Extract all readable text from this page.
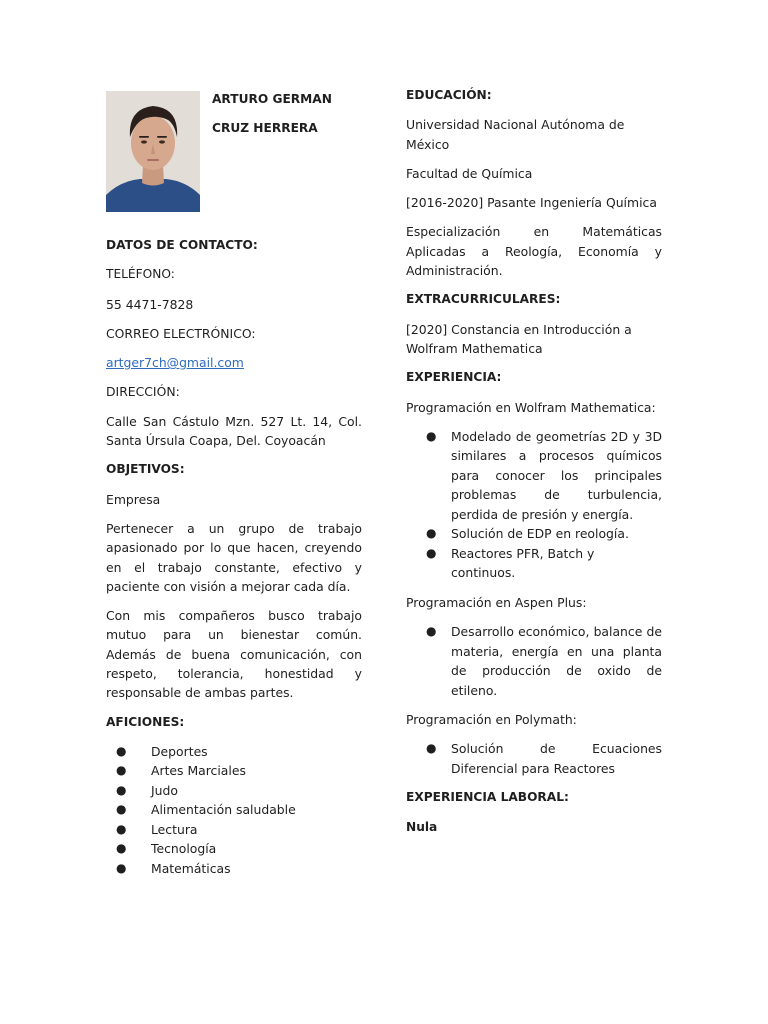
ARTURO GERMAN
CRUZ HERRERA
DATOS DE CONTACTO:
TELÉFONO:
55 4471-7828
CORREO ELECTRÓNICO:
artger7ch@gmail.com
DIRECCIÓN:
Calle San Cástulo Mzn. 527 Lt. 14, Col. Santa Úrsula Coapa, Del. Coyoacán
OBJETIVOS:
Empresa
Pertenecer a un grupo de trabajo apasionado por lo que hacen, creyendo en el trabajo constante, efectivo y paciente con visión a mejorar cada día.
Con mis compañeros busco trabajo mutuo para un bienestar común. Además de buena comunicación, con respeto, tolerancia, honestidad y responsable de ambas partes.
AFICIONES:
● Deportes
● Artes Marciales
● Judo
● Alimentación saludable
● Lectura
● Tecnología
● Matemáticas
EDUCACIÓN:
Universidad Nacional Autónoma de México
Facultad de Química
[2016-2020] Pasante Ingeniería Química
Especialización en Matemáticas Aplicadas a Reología, Economía y Administración.
EXTRACURRICULARES:
[2020] Constancia en Introducción a Wolfram Mathematica
EXPERIENCIA:
Programación en Wolfram Mathematica:
● Modelado de geometrías 2D y 3D similares a procesos químicos para conocer los principales problemas de turbulencia, perdida de presión y energía.
● Solución de EDP en reología.
● Reactores PFR, Batch y continuos.
Programación en Aspen Plus:
● Desarrollo económico, balance de materia, energía en una planta de producción de oxido de etileno.
Programación en Polymath:
● Solución de Ecuaciones Diferencial para Reactores
EXPERIENCIA LABORAL:
Nula
